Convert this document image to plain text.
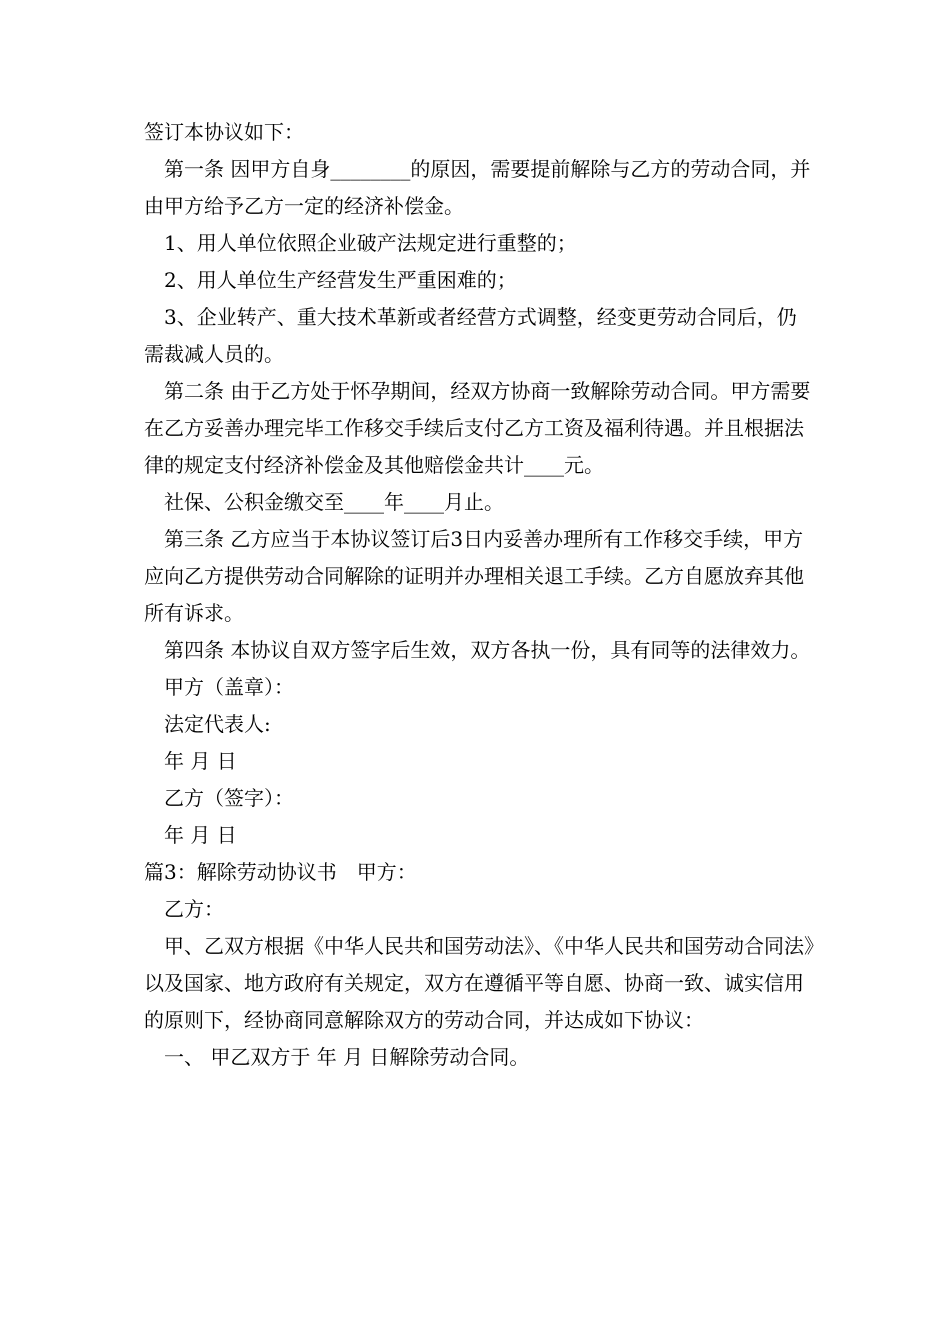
签订本协议如下：

第一条 因甲方自身________的原因，需要提前解除与乙方的劳动合同，并由甲方给予乙方一定的经济补偿金。

1、用人单位依照企业破产法规定进行重整的；

2、用人单位生产经营发生严重困难的；

3、企业转产、重大技术革新或者经营方式调整，经变更劳动合同后，仍需裁减人员的。

第二条 由于乙方处于怀孕期间，经双方协商一致解除劳动合同。甲方需要在乙方妥善办理完毕工作移交手续后支付乙方工资及福利待遇。并且根据法律的规定支付经济补偿金及其他赔偿金共计____元。

社保、公积金缴交至____年____月止。

第三条 乙方应当于本协议签订后3日内妥善办理所有工作移交手续，甲方应向乙方提供劳动合同解除的证明并办理相关退工手续。乙方自愿放弃其他所有诉求。

第四条 本协议自双方签字后生效，双方各执一份，具有同等的法律效力。

甲方（盖章）：

法定代表人:

年 月 日

乙方（签字）：

年 月 日

篇3：解除劳动协议书　甲方：

乙方：

甲、乙双方根据《中华人民共和国劳动法》、《中华人民共和国劳动合同法》以及国家、地方政府有关规定，双方在遵循平等自愿、协商一致、诚实信用的原则下，经协商同意解除双方的劳动合同，并达成如下协议：

一、 甲乙双方于 年 月 日解除劳动合同。
